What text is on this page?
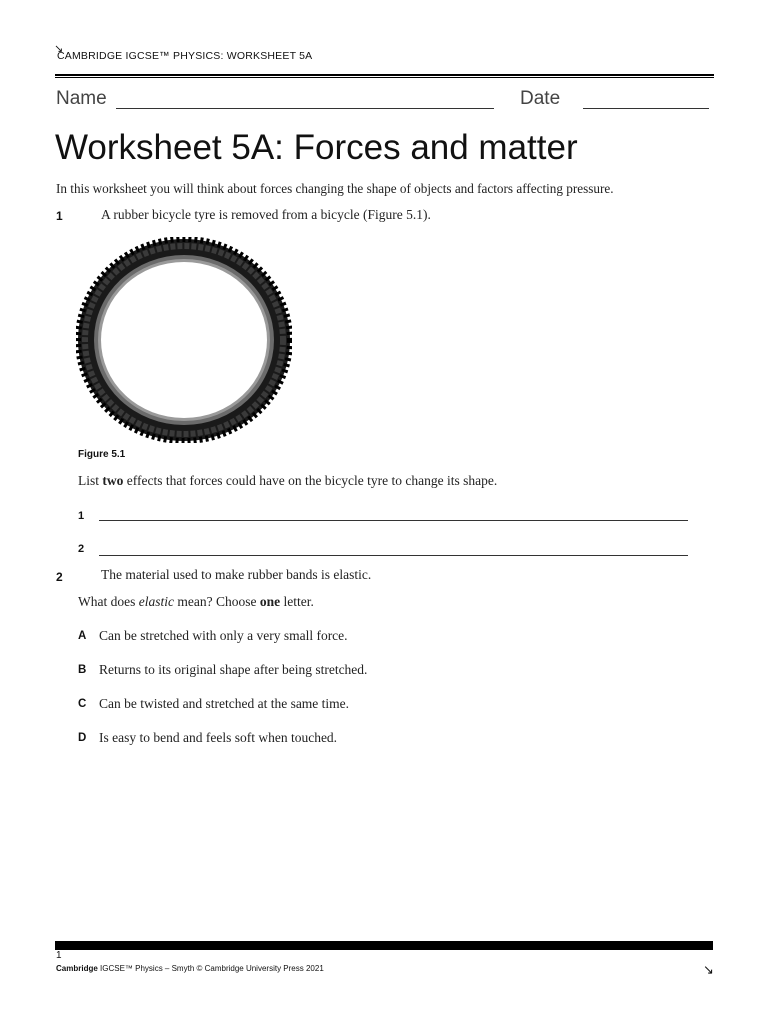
↘
CAMBRIDGE IGCSE™ PHYSICS: WORKSHEET 5A
Name	Date
Worksheet 5A: Forces and matter
In this worksheet you will think about forces changing the shape of objects and factors affecting pressure.
1	A rubber bicycle tyre is removed from a bicycle (Figure 5.1).
Figure 5.1
List two effects that forces could have on the bicycle tyre to change its shape.
1
2
2	The material used to make rubber bands is elastic.
What does elastic mean? Choose one letter.
A Can be stretched with only a very small force.
B Returns to its original shape after being stretched.
C Can be twisted and stretched at the same time.
D Is easy to bend and feels soft when touched.
1
Cambridge IGCSE™ Physics – Smyth © Cambridge University Press 2021	↘
